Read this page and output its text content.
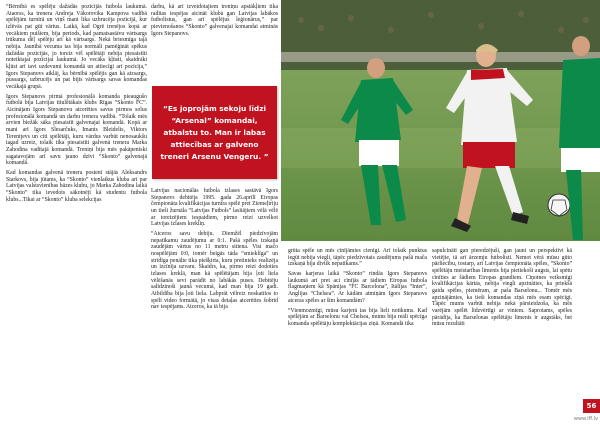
“Bērnībā es spēlēju dažādās pozīcijās futbola laukumā. Ataorss, ka trenera Andreja Vākorovika Kampova vadībā spēlējām turnīrā un viņš mani lika uzbrucēja pozīcijā, kur izlēvās pat gūt vārtus. Laikā, kad Ogrē trenējos kopā ar vecākiem puišiem, bija periods, kad pamatsastāvu vārtsargs trūkuma dēļ spēlēju arī kā vārtsargs. Nekā briesmīga tajā nebija. Jaunībā vecuma tas bija normāli pamēģināt spēkus dažādās pozīcijās, jo toreiz vēl spēlētāji nebija piesaistīti noteiktajai pozīcijai laukumā. Jo vecāks kļūsti, skaidrāki kļūst arī tavi uzdevumi komandā un attiecīgi arī pozīcija,” Igors Stepanovs atklāj, ka bērnībā spēlējis gan kā aizsargs, pussargs, uzbrucējs un pat bijis vārtsargs savas komandas vecākajā grupā.

Igors Stepanovs pirmā profesionālā komanda pieaugušo futbolā bija Latvijas titulētākais klubs Rīgas “Skonto FC”. Aicinājam Igors Stepanovu atcerēties savus pirmos solus profesionālā komandā un darbu trenera vadībā. “Tolaik mēs arvien biežāk sāka piesaistīt galvenajai komandā. Kopā ar mani arī Igors Slesarčuks, Imants Bleidelis, Viktors Terentjevs un citi spēlētāji, kuru vārdus varbūt nenosaukšu tagad uzreiz, tolaik tika piesaistīti galvenā trenera Marka Zahodina vadītajā komandā. Treniņi bija mēs pakāpeniski sagatavojām arī savu jauno dzīvi “Skonto” galvenajā komandā.

Kad komandas galvenā trenera postenī stājās Aleksandrs Starkovs, bija jūtams, ka “Skonto” vienlaikus kluba arī par Latvijas valstsvienības bāzes klubu, jo Marka Zahodina laikā “Skonto” tika ievedots sākotnēji kā studentu futbola klubs...Tikai ar “Skonto” kluba selekcijas

darbu, kā arī izveidotajiem treniņu apstākļiem tika radītas iespējas aicināt klubā gan Latvijas labākos futbolistus, gan arī spēlējus leģionārus,” par pievienošanos “Skonto” galvenajai komandai atminās Igors Stepanovs.

“Es joprojām sekoju līdzi “Arsenal” komandai, atbalstu to. Man ir labas attiecības ar galveno treneri Arsenu Vengeru. ”

Latvijas nacionālās futbola izlases sastāvā Igors Stepanovs debitēja 1995. gada 26.aprīlī Eiropas čempionāta kvalifikācijas turnīra spēlē pret Ziemeļīriju un tieši žurnāla “Latvijas Futbols” lasītājiem vēlā vēlē ar toreizējiem iespaidiem, pirmo reizi uzvelkot Latvijas izlases krekliņ.

“Atceros savu debiju. Diemžēl piedzīvojām nepatīkamu zaudējumu ar 0:1. Pašā spēles izskaņā zaudējām vārtus no 11 metru sitiena. Visi mačo nospēlējām 0:0, tomēr beigās tāda “smieklīga” un strīdīga penālte tika piešķirta, kuru pretinieks realizēja un izcīnīja uzvaru. Skaidrs, ka, pirmo reizi dodoties izlases kreklā, man kā spēlētājam bija ļoti liela vēlēšanās sevi parādīt no labākās puses. Debitēju salīdzinoši jaunā vecumā, kad man bija 19 gadi. Atbildība bija ļoti liela. Labprāt vēlreiz noskatītos to spēli video formātā, jo visas detaļas atcerēties šobrīd nav iespējams. Atceros, ka tā bija

grūta spēle un mēs cīnījāmies cienīgi. Arī tolaik punktus iegūt nebija viegli, tāpēc piedzīvotais zaudējums pašā mača izskaņā bija divtik nepatīkams.”

Savas karjeras laikā “Skonto” rindās Igors Stepanovs laukumā arī pret aci cīnījās ar tādiem Eiropas futbola flagmaņiem kā Spānijas “FC Barcelona”, Itālijas “Inter”, Anglijas “Chelsea”. Ar kādām atmiņām Igors Stepanovs atceras spēles ar šīm komandām?

“Vienmozmīgi, mūsu karjerā tas bija lieli notikums. Kad spēlējām ar Barselonu vai Chelsea, mums bija reāli spēcīga komanda spēlētāju komplektācijas ziņā. Komandā tika

sapulcināti gan pieredzējuši, gan jauni un perspektīvi kā vietējie, tā arī ārzemju futbolisti. Nemot vērā mūsu gūto pārliecību, tostarp, arī Latvijas čempionāta spēles, “Skonto” spēlētāju meistarības līmenis bija pietiekoši augsts, lai spētu cīnīties ar šādiem Eiropas grandiem. Cīņotnes veiksmīgi kvalifikācijas kārtās, nebija viegli apzināties, ka priekšā gaida spēles, piemēram, ar paša Barselonu... Tomēr mēs apzinājāmies, ka tieši komandas ziņā mēs esam spēcīgi. Tāpēc mums varbūt nebija nekā pārsteidzoša, ka mēs varējām spēlēt līdzvērtīgi ar viniem. Saprotams, spēles pārādīja, ka Barselonas spēlētāju līmenis ir augstāks, bet mūsu rezultāti

56
www.lff.lv
